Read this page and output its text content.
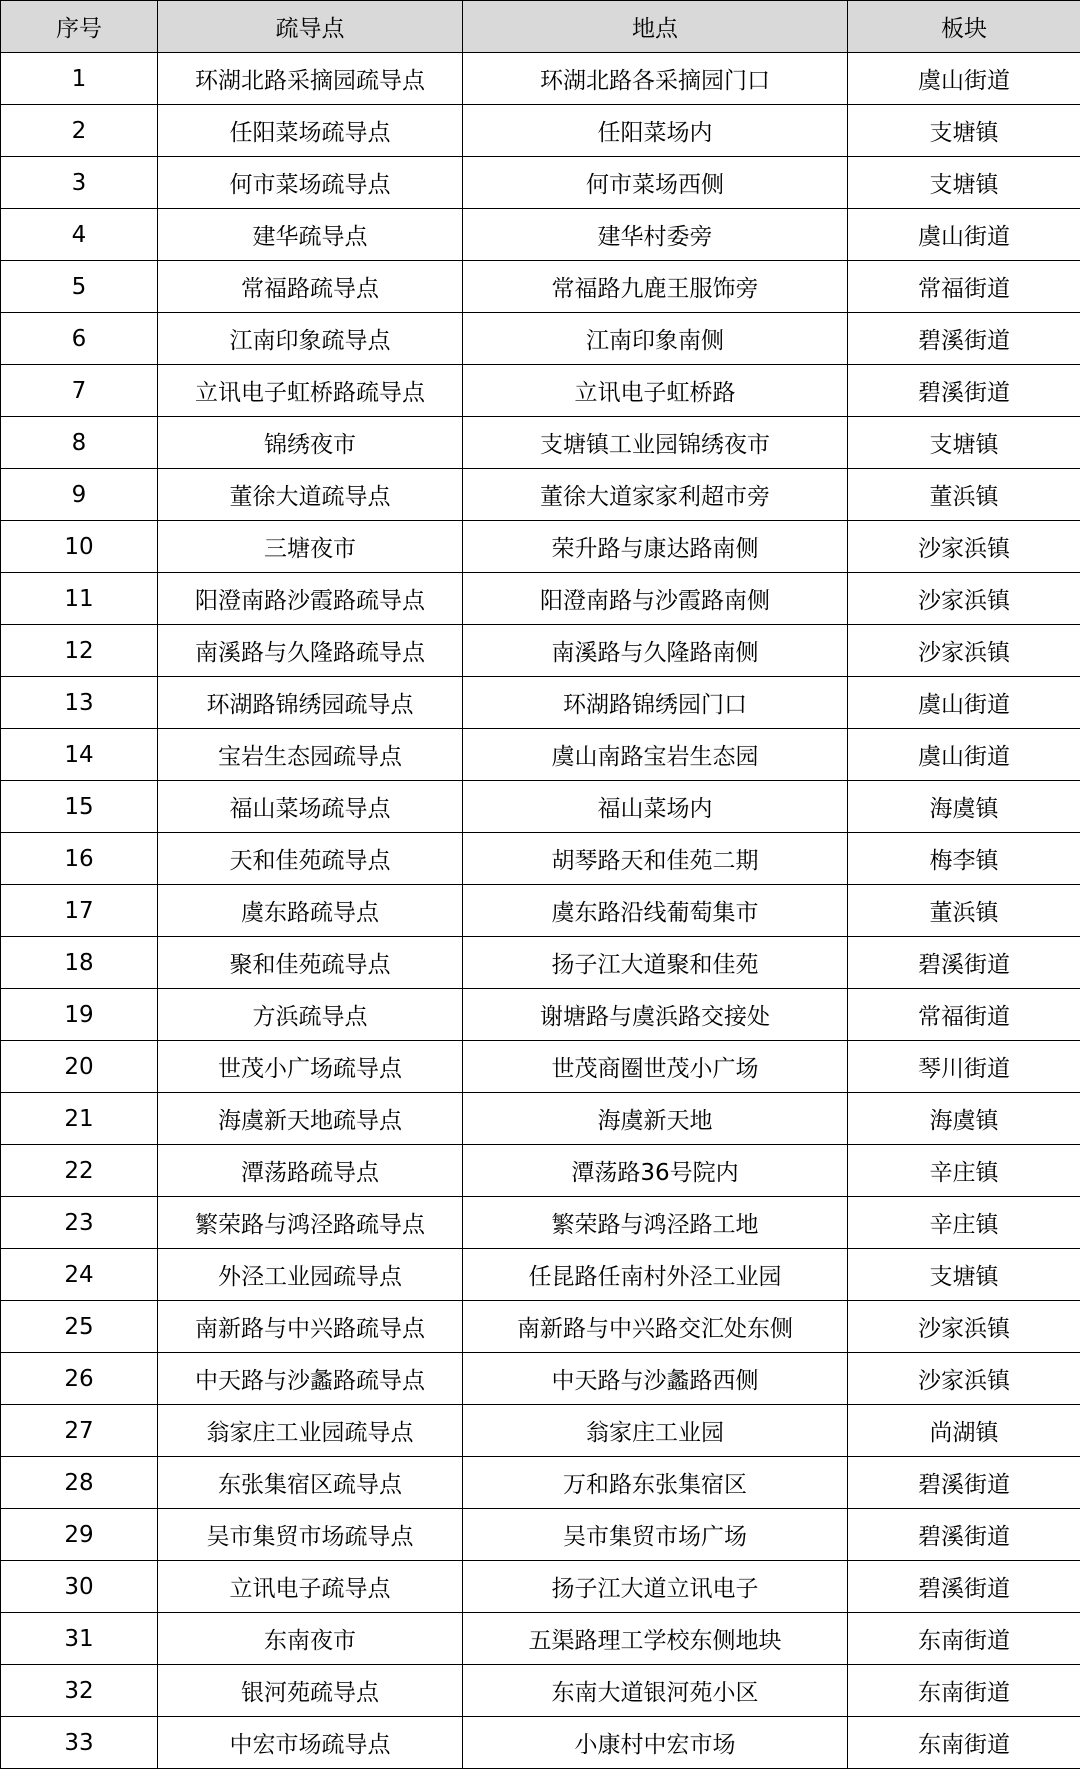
序号	疏导点	地点	板块
1	环湖北路采摘园疏导点	环湖北路各采摘园门口	虞山街道
2	任阳菜场疏导点	任阳菜场内	支塘镇
3	何市菜场疏导点	何市菜场西侧	支塘镇
4	建华疏导点	建华村委旁	虞山街道
5	常福路疏导点	常福路九鹿王服饰旁	常福街道
6	江南印象疏导点	江南印象南侧	碧溪街道
7	立讯电子虹桥路疏导点	立讯电子虹桥路	碧溪街道
8	锦绣夜市	支塘镇工业园锦绣夜市	支塘镇
9	董徐大道疏导点	董徐大道家家利超市旁	董浜镇
10	三塘夜市	荣升路与康达路南侧	沙家浜镇
11	阳澄南路沙霞路疏导点	阳澄南路与沙霞路南侧	沙家浜镇
12	南溪路与久隆路疏导点	南溪路与久隆路南侧	沙家浜镇
13	环湖路锦绣园疏导点	环湖路锦绣园门口	虞山街道
14	宝岩生态园疏导点	虞山南路宝岩生态园	虞山街道
15	福山菜场疏导点	福山菜场内	海虞镇
16	天和佳苑疏导点	胡琴路天和佳苑二期	梅李镇
17	虞东路疏导点	虞东路沿线葡萄集市	董浜镇
18	聚和佳苑疏导点	扬子江大道聚和佳苑	碧溪街道
19	方浜疏导点	谢塘路与虞浜路交接处	常福街道
20	世茂小广场疏导点	世茂商圈世茂小广场	琴川街道
21	海虞新天地疏导点	海虞新天地	海虞镇
22	潭荡路疏导点	潭荡路36号院内	辛庄镇
23	繁荣路与鸿泾路疏导点	繁荣路与鸿泾路工地	辛庄镇
24	外泾工业园疏导点	任昆路任南村外泾工业园	支塘镇
25	南新路与中兴路疏导点	南新路与中兴路交汇处东侧	沙家浜镇
26	中天路与沙蠡路疏导点	中天路与沙蠡路西侧	沙家浜镇
27	翁家庄工业园疏导点	翁家庄工业园	尚湖镇
28	东张集宿区疏导点	万和路东张集宿区	碧溪街道
29	吴市集贸市场疏导点	吴市集贸市场广场	碧溪街道
30	立讯电子疏导点	扬子江大道立讯电子	碧溪街道
31	东南夜市	五渠路理工学校东侧地块	东南街道
32	银河苑疏导点	东南大道银河苑小区	东南街道
33	中宏市场疏导点	小康村中宏市场	东南街道
